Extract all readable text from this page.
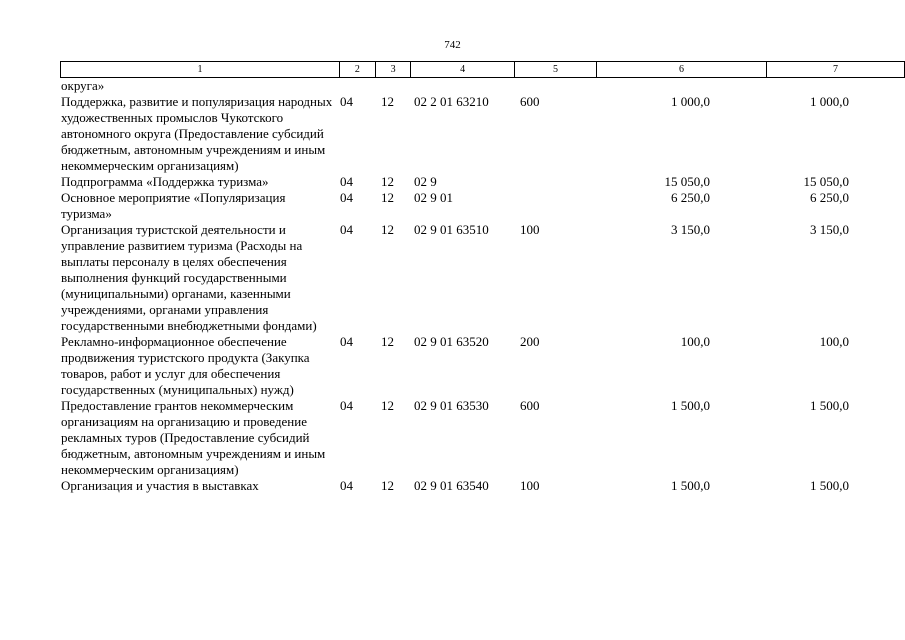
742
1	2	3	4	5	6	7
округа»						
Поддержка, развитие и популяризация народных художественных промыслов Чукотского автономного округа (Предоставление субсидий бюджетным, автономным учреждениям и иным некоммерческим организациям)	04	12	02 2 01 63210	600	1 000,0	1 000,0
Подпрограмма «Поддержка туризма»	04	12	02 9		15 050,0	15 050,0
Основное мероприятие «Популяризация туризма»	04	12	02 9 01		6 250,0	6 250,0
Организация туристской деятельности и управление развитием туризма (Расходы на выплаты персоналу в целях обеспечения выполнения функций государственными (муниципальными) органами, казенными учреждениями, органами управления государственными внебюджетными фондами)	04	12	02 9 01 63510	100	3 150,0	3 150,0
Рекламно-информационное обеспечение продвижения туристского продукта (Закупка товаров, работ и услуг для обеспечения государственных (муниципальных) нужд)	04	12	02 9 01 63520	200	100,0	100,0
Предоставление грантов некоммерческим организациям на организацию и проведение рекламных туров (Предоставление субсидий бюджетным, автономным учреждениям и иным некоммерческим организациям)	04	12	02 9 01 63530	600	1 500,0	1 500,0
Организация и участия в выставках	04	12	02 9 01 63540	100	1 500,0	1 500,0
